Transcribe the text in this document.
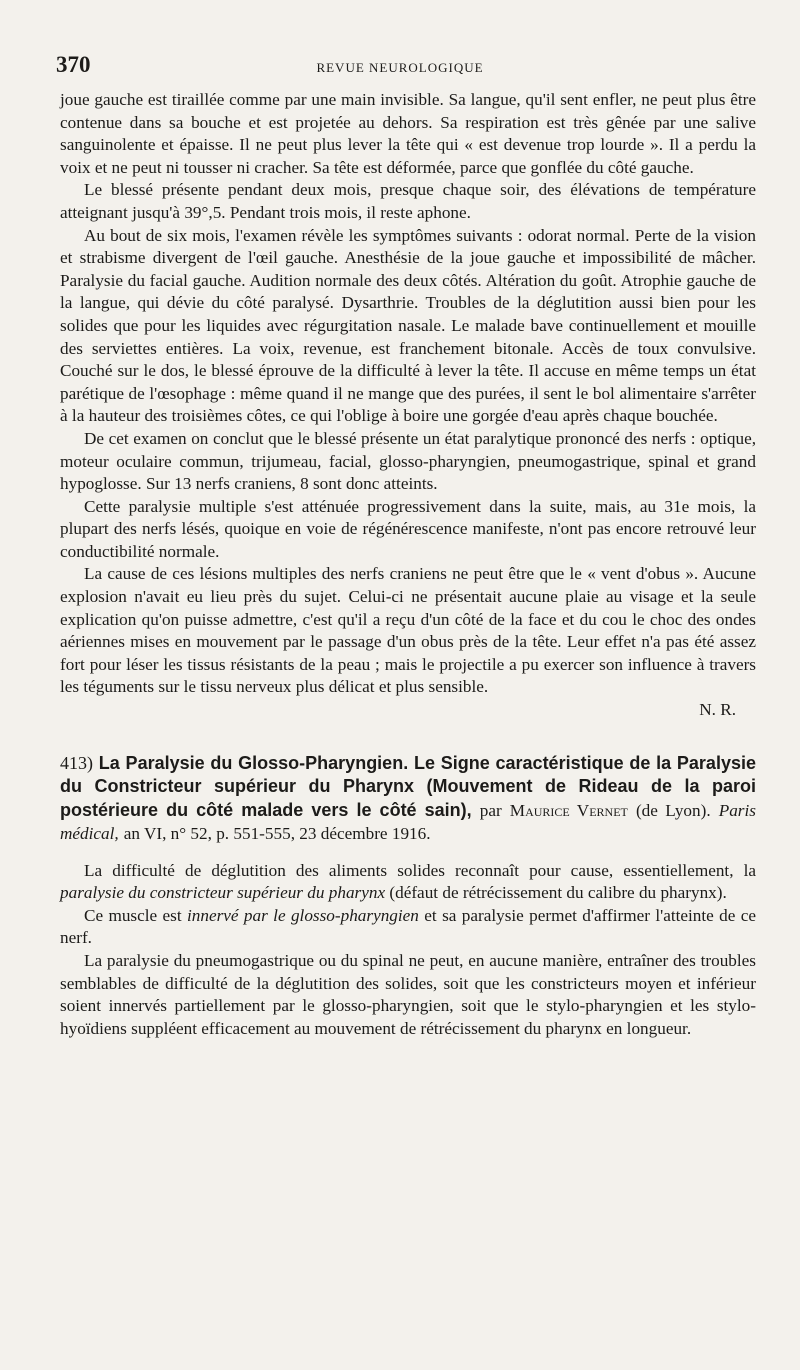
370	REVUE NEUROLOGIQUE

joue gauche est tiraillée comme par une main invisible. Sa langue, qu'il sent enfler, ne peut plus être contenue dans sa bouche et est projetée au dehors. Sa respiration est très gênée par une salive sanguinolente et épaisse. Il ne peut plus lever la tête qui « est devenue trop lourde ». Il a perdu la voix et ne peut ni tousser ni cracher. Sa tête est déformée, parce que gonflée du côté gauche.

Le blessé présente pendant deux mois, presque chaque soir, des élévations de température atteignant jusqu'à 39°,5. Pendant trois mois, il reste aphone.

Au bout de six mois, l'examen révèle les symptômes suivants : odorat normal. Perte de la vision et strabisme divergent de l'œil gauche. Anesthésie de la joue gauche et impossibilité de mâcher. Paralysie du facial gauche. Audition normale des deux côtés. Altération du goût. Atrophie gauche de la langue, qui dévie du côté paralysé. Dysarthrie. Troubles de la déglutition aussi bien pour les solides que pour les liquides avec régurgitation nasale. Le malade bave continuellement et mouille des serviettes entières. La voix, revenue, est franchement bitonale. Accès de toux convulsive. Couché sur le dos, le blessé éprouve de la difficulté à lever la tête. Il accuse en même temps un état parétique de l'œsophage : même quand il ne mange que des purées, il sent le bol alimentaire s'arrêter à la hauteur des troisièmes côtes, ce qui l'oblige à boire une gorgée d'eau après chaque bouchée.

De cet examen on conclut que le blessé présente un état paralytique prononcé des nerfs : optique, moteur oculaire commun, trijumeau, facial, glosso-pharyngien, pneumogastrique, spinal et grand hypoglosse. Sur 13 nerfs craniens, 8 sont donc atteints.

Cette paralysie multiple s'est atténuée progressivement dans la suite, mais, au 31e mois, la plupart des nerfs lésés, quoique en voie de régénérescence manifeste, n'ont pas encore retrouvé leur conductibilité normale.

La cause de ces lésions multiples des nerfs craniens ne peut être que le « vent d'obus ». Aucune explosion n'avait eu lieu près du sujet. Celui-ci ne présentait aucune plaie au visage et la seule explication qu'on puisse admettre, c'est qu'il a reçu d'un côté de la face et du cou le choc des ondes aériennes mises en mouvement par le passage d'un obus près de la tête. Leur effet n'a pas été assez fort pour léser les tissus résistants de la peau ; mais le projectile a pu exercer son influence à travers les téguments sur le tissu nerveux plus délicat et plus sensible.

N. R.
413) La Paralysie du Glosso-Pharyngien. Le Signe caractéristique de la Paralysie du Constricteur supérieur du Pharynx (Mouvement de Rideau de la paroi postérieure du côté malade vers le côté sain), par Maurice Vernet (de Lyon). Paris médical, an VI, n° 52, p. 551-555, 23 décembre 1916.

La difficulté de déglutition des aliments solides reconnaît pour cause, essentiellement, la paralysie du constricteur supérieur du pharynx (défaut de rétrécissement du calibre du pharynx).

Ce muscle est innervé par le glosso-pharyngien et sa paralysie permet d'affirmer l'atteinte de ce nerf.

La paralysie du pneumogastrique ou du spinal ne peut, en aucune manière, entraîner des troubles semblables de difficulté de la déglutition des solides, soit que les constricteurs moyen et inférieur soient innervés partiellement par le glosso-pharyngien, soit que le stylo-pharyngien et les stylo-hyoïdiens suppléent efficacement au mouvement de rétrécissement du pharynx en longueur.
